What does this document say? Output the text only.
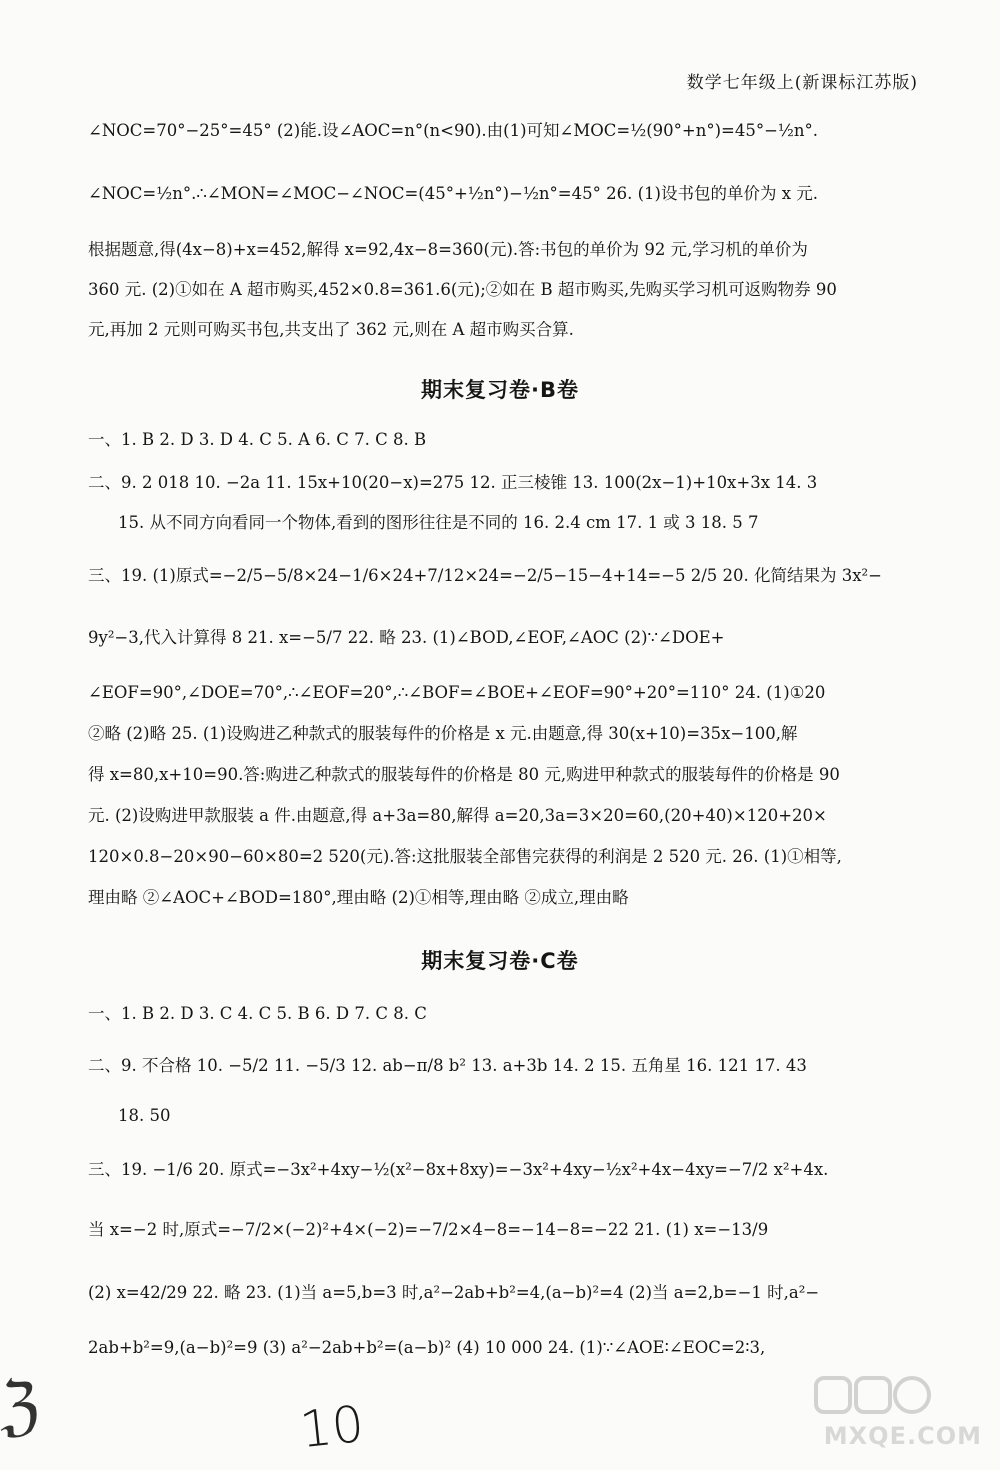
数学七年级上(新课标江苏版)
∠NOC=70°−25°=45° (2)能.设∠AOC=n°(n<90).由(1)可知∠MOC=½(90°+n°)=45°−½n°.
∠NOC=½n°.∴∠MON=∠MOC−∠NOC=(45°+½n°)−½n°=45° 26. (1)设书包的单价为 x 元.
根据题意,得(4x−8)+x=452,解得 x=92,4x−8=360(元).答:书包的单价为 92 元,学习机的单价为
360 元. (2)①如在 A 超市购买,452×0.8=361.6(元);②如在 B 超市购买,先购买学习机可返购物券 90
元,再加 2 元则可购买书包,共支出了 362 元,则在 A 超市购买合算.
期末复习卷·B卷
一、1. B 2. D 3. D 4. C 5. A 6. C 7. C 8. B
二、9. 2 018 10. −2a 11. 15x+10(20−x)=275 12. 正三棱锥 13. 100(2x−1)+10x+3x 14. 3
15. 从不同方向看同一个物体,看到的图形往往是不同的 16. 2.4 cm 17. 1 或 3 18. 5 7
三、19. (1)原式=−2/5−5/8×24−1/6×24+7/12×24=−2/5−15−4+14=−5 2/5 20. 化简结果为 3x²−
9y²−3,代入计算得 8 21. x=−5/7 22. 略 23. (1)∠BOD,∠EOF,∠AOC (2)∵∠DOE+
∠EOF=90°,∠DOE=70°,∴∠EOF=20°,∴∠BOF=∠BOE+∠EOF=90°+20°=110° 24. (1)①20
②略 (2)略 25. (1)设购进乙种款式的服装每件的价格是 x 元.由题意,得 30(x+10)=35x−100,解
得 x=80,x+10=90.答:购进乙种款式的服装每件的价格是 80 元,购进甲种款式的服装每件的价格是 90
元. (2)设购进甲款服装 a 件.由题意,得 a+3a=80,解得 a=20,3a=3×20=60,(20+40)×120+20×
120×0.8−20×90−60×80=2 520(元).答:这批服装全部售完获得的利润是 2 520 元. 26. (1)①相等,
理由略 ②∠AOC+∠BOD=180°,理由略 (2)①相等,理由略 ②成立,理由略
期末复习卷·C卷
一、1. B 2. D 3. C 4. C 5. B 6. D 7. C 8. C
二、9. 不合格 10. −5/2 11. −5/3 12. ab−π/8 b² 13. a+3b 14. 2 15. 五角星 16. 121 17. 43
18. 50
三、19. −1/6 20. 原式=−3x²+4xy−½(x²−8x+8xy)=−3x²+4xy−½x²+4x−4xy=−7/2 x²+4x.
当 x=−2 时,原式=−7/2×(−2)²+4×(−2)=−7/2×4−8=−14−8=−22 21. (1) x=−13/9
(2) x=42/29 22. 略 23. (1)当 a=5,b=3 时,a²−2ab+b²=4,(a−b)²=4 (2)当 a=2,b=−1 时,a²−
2ab+b²=9,(a−b)²=9 (3) a²−2ab+b²=(a−b)² (4) 10 000 24. (1)∵∠AOE∶∠EOC=2∶3,
ℨ	10	MXQE.COM
